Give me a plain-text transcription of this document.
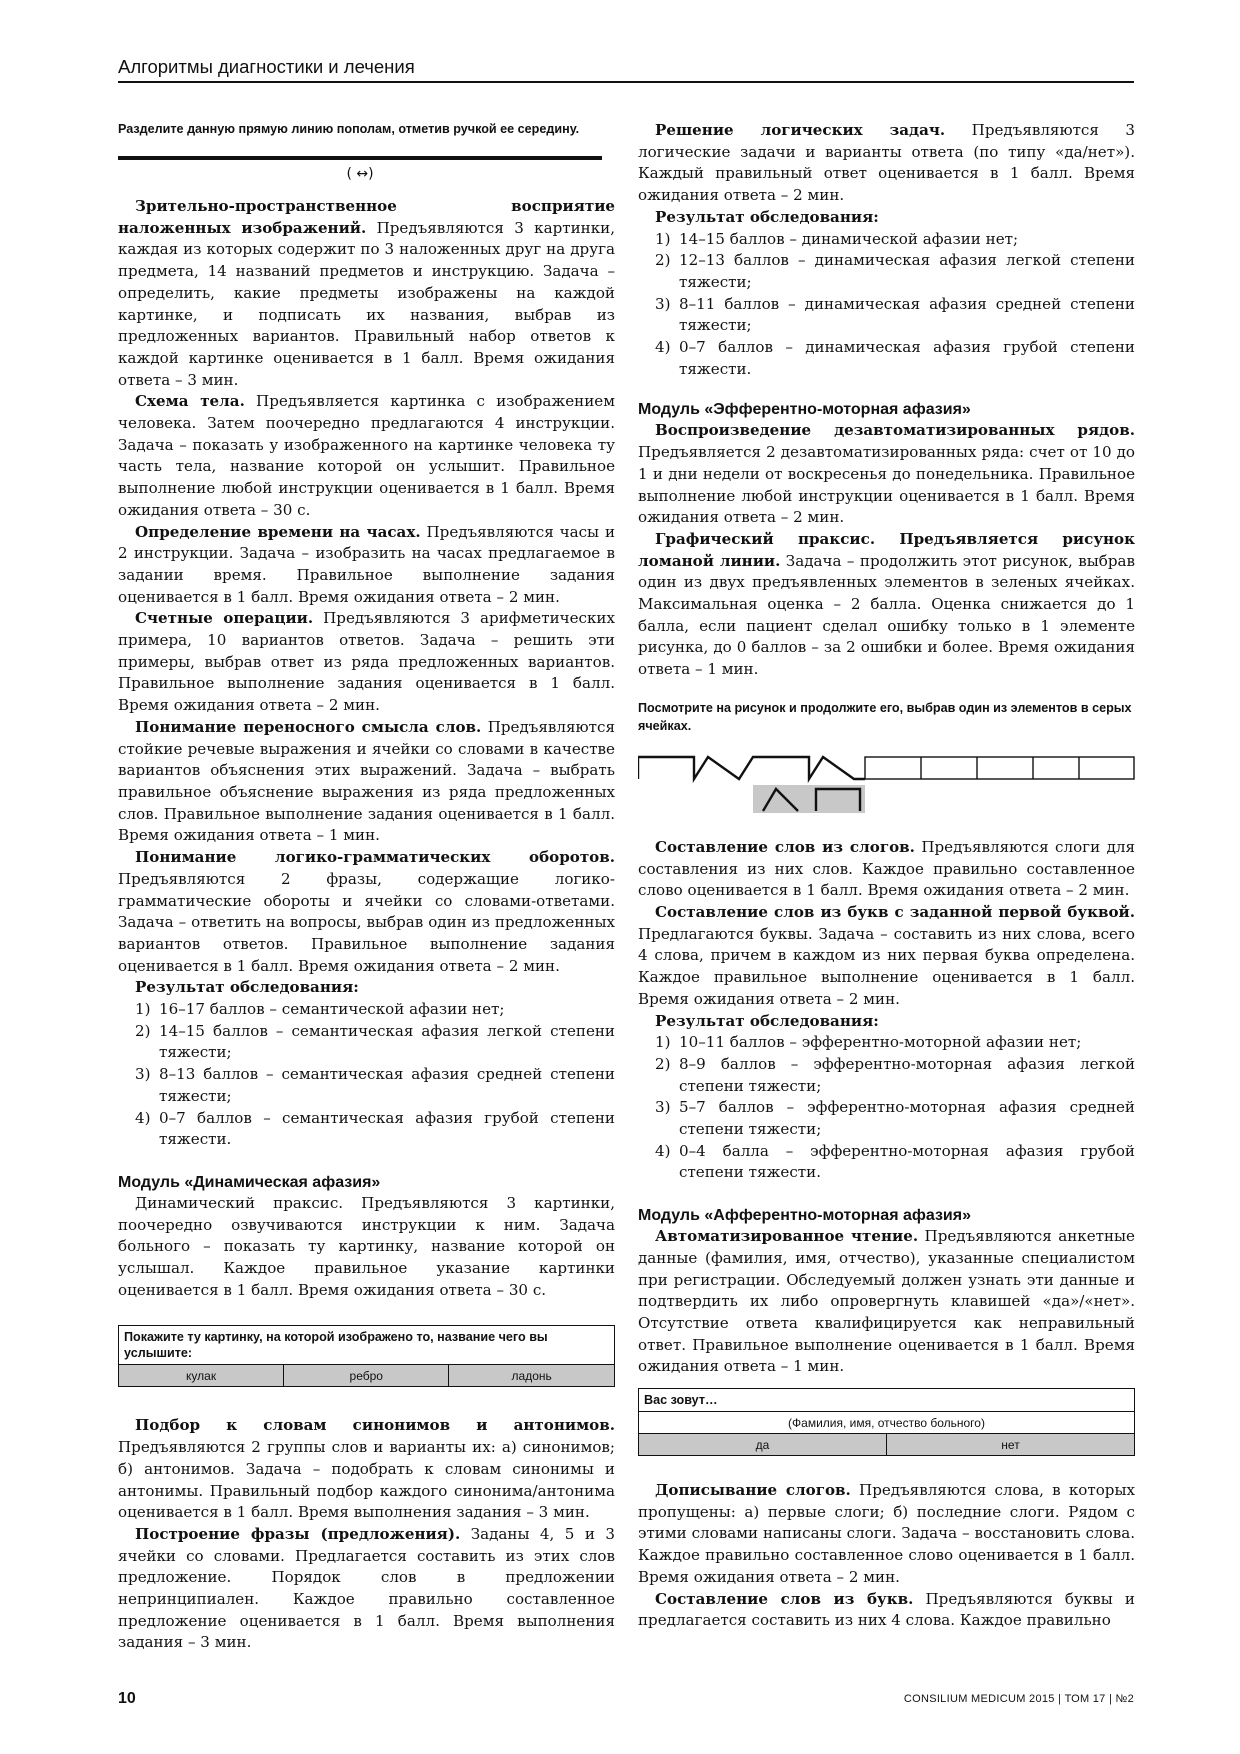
Алгоритмы диагностики и лечения
Разделите данную прямую линию пополам, отметив ручкой ее середину.
( ↔)

Зрительно-пространственное восприятие наложенных изображений. Предъявляются 3 картинки, каждая из которых содержит по 3 наложенных друг на друга предмета, 14 названий предметов и инструкцию. Задача – определить, какие предметы изображены на каждой картинке, и подписать их названия, выбрав из предложенных вариантов. Правильный набор ответов к каждой картинке оценивается в 1 балл. Время ожидания ответа – 3 мин.

Схема тела. Предъявляется картинка с изображением человека. Затем поочередно предлагаются 4 инструкции. Задача – показать у изображенного на картинке человека ту часть тела, название которой он услышит. Правильное выполнение любой инструкции оценивается в 1 балл. Время ожидания ответа – 30 с.

Определение времени на часах. Предъявляются часы и 2 инструкции. Задача – изобразить на часах предлагаемое в задании время. Правильное выполнение задания оценивается в 1 балл. Время ожидания ответа – 2 мин.

Счетные операции. Предъявляются 3 арифметических примера, 10 вариантов ответов. Задача – решить эти примеры, выбрав ответ из ряда предложенных вариантов. Правильное выполнение задания оценивается в 1 балл. Время ожидания ответа – 2 мин.

Понимание переносного смысла слов. Предъявляются стойкие речевые выражения и ячейки со словами в качестве вариантов объяснения этих выражений. Задача – выбрать правильное объяснение выражения из ряда предложенных слов. Правильное выполнение задания оценивается в 1 балл. Время ожидания ответа – 1 мин.

Понимание логико-грамматических оборотов. Предъявляются 2 фразы, содержащие логико-грамматические обороты и ячейки со словами-ответами. Задача – ответить на вопросы, выбрав один из предложенных вариантов ответов. Правильное выполнение задания оценивается в 1 балл. Время ожидания ответа – 2 мин.

Результат обследования:

1) 16–17 баллов – семантической афазии нет;
2) 14–15 баллов – семантическая афазия легкой степени тяжести;
3) 8–13 баллов – семантическая афазия средней степени тяжести;
4) 0–7 баллов – семантическая афазия грубой степени тяжести.
Модуль «Динамическая афазия»

Динамический праксис. Предъявляются 3 картинки, поочередно озвучиваются инструкции к ним. Задача больного – показать ту картинку, название которой он услышал. Каждое правильное указание картинки оценивается в 1 балл. Время ожидания ответа – 30 с.

Покажите ту картинку, на которой изображено то, название чего вы услышите:
кулак	ребро	ладонь

Подбор к словам синонимов и антонимов. Предъявляются 2 группы слов и варианты их: а) синонимов; б) антонимов. Задача – подобрать к словам синонимы и антонимы. Правильный подбор каждого синонима/антонима оценивается в 1 балл. Время выполнения задания – 3 мин.

Построение фразы (предложения). Заданы 4, 5 и 3 ячейки со словами. Предлагается составить из этих слов предложение. Порядок слов в предложении непринципиален. Каждое правильно составленное предложение оценивается в 1 балл. Время выполнения задания – 3 мин.

Решение логических задач. Предъявляются 3 логические задачи и варианты ответа (по типу «да/нет»). Каждый правильный ответ оценивается в 1 балл. Время ожидания ответа – 2 мин.

Результат обследования:

1) 14–15 баллов – динамической афазии нет;
2) 12–13 баллов – динамическая афазия легкой степени тяжести;
3) 8–11 баллов – динамическая афазия средней степени тяжести;
4) 0–7 баллов – динамическая афазия грубой степени тяжести.
Модуль «Эфферентно-моторная афазия»

Воспроизведение дезавтоматизированных рядов. Предъявляется 2 дезавтоматизированных ряда: счет от 10 до 1 и дни недели от воскресенья до понедельника. Правильное выполнение любой инструкции оценивается в 1 балл. Время ожидания ответа – 2 мин.

Графический праксис. Предъявляется рисунок ломаной линии. Задача – продолжить этот рисунок, выбрав один из двух предъявленных элементов в зеленых ячейках. Максимальная оценка – 2 балла. Оценка снижается до 1 балла, если пациент сделал ошибку только в 1 элементе рисунка, до 0 баллов – за 2 ошибки и более. Время ожидания ответа – 1 мин.

Посмотрите на рисунок и продолжите его, выбрав один из элементов в серых ячейках.

Составление слов из слогов. Предъявляются слоги для составления из них слов. Каждое правильно составленное слово оценивается в 1 балл. Время ожидания ответа – 2 мин.

Составление слов из букв с заданной первой буквой. Предлагаются буквы. Задача – составить из них слова, всего 4 слова, причем в каждом из них первая буква определена. Каждое правильное выполнение оценивается в 1 балл. Время ожидания ответа – 2 мин.

Результат обследования:

1) 10–11 баллов – эфферентно-моторной афазии нет;
2) 8–9 баллов – эфферентно-моторная афазия легкой степени тяжести;
3) 5–7 баллов – эфферентно-моторная афазия средней степени тяжести;
4) 0–4 балла – эфферентно-моторная афазия грубой степени тяжести.
Модуль «Афферентно-моторная афазия»

Автоматизированное чтение. Предъявляются анкетные данные (фамилия, имя, отчество), указанные специалистом при регистрации. Обследуемый должен узнать эти данные и подтвердить их либо опровергнуть клавишей «да»/«нет». Отсутствие ответа квалифицируется как неправильный ответ. Правильное выполнение оценивается в 1 балл. Время ожидания ответа – 1 мин.

Вас зовут…
(Фамилия, имя, отчество больного)
да	нет

Дописывание слогов. Предъявляются слова, в которых пропущены: а) первые слоги; б) последние слоги. Рядом с этими словами написаны слоги. Задача – восстановить слова. Каждое правильно составленное слово оценивается в 1 балл. Время ожидания ответа – 2 мин.

Составление слов из букв. Предъявляются буквы и предлагается составить из них 4 слова. Каждое правильно

10	CONSILIUM MEDICUM 2015 | ТОМ 17 | №2
